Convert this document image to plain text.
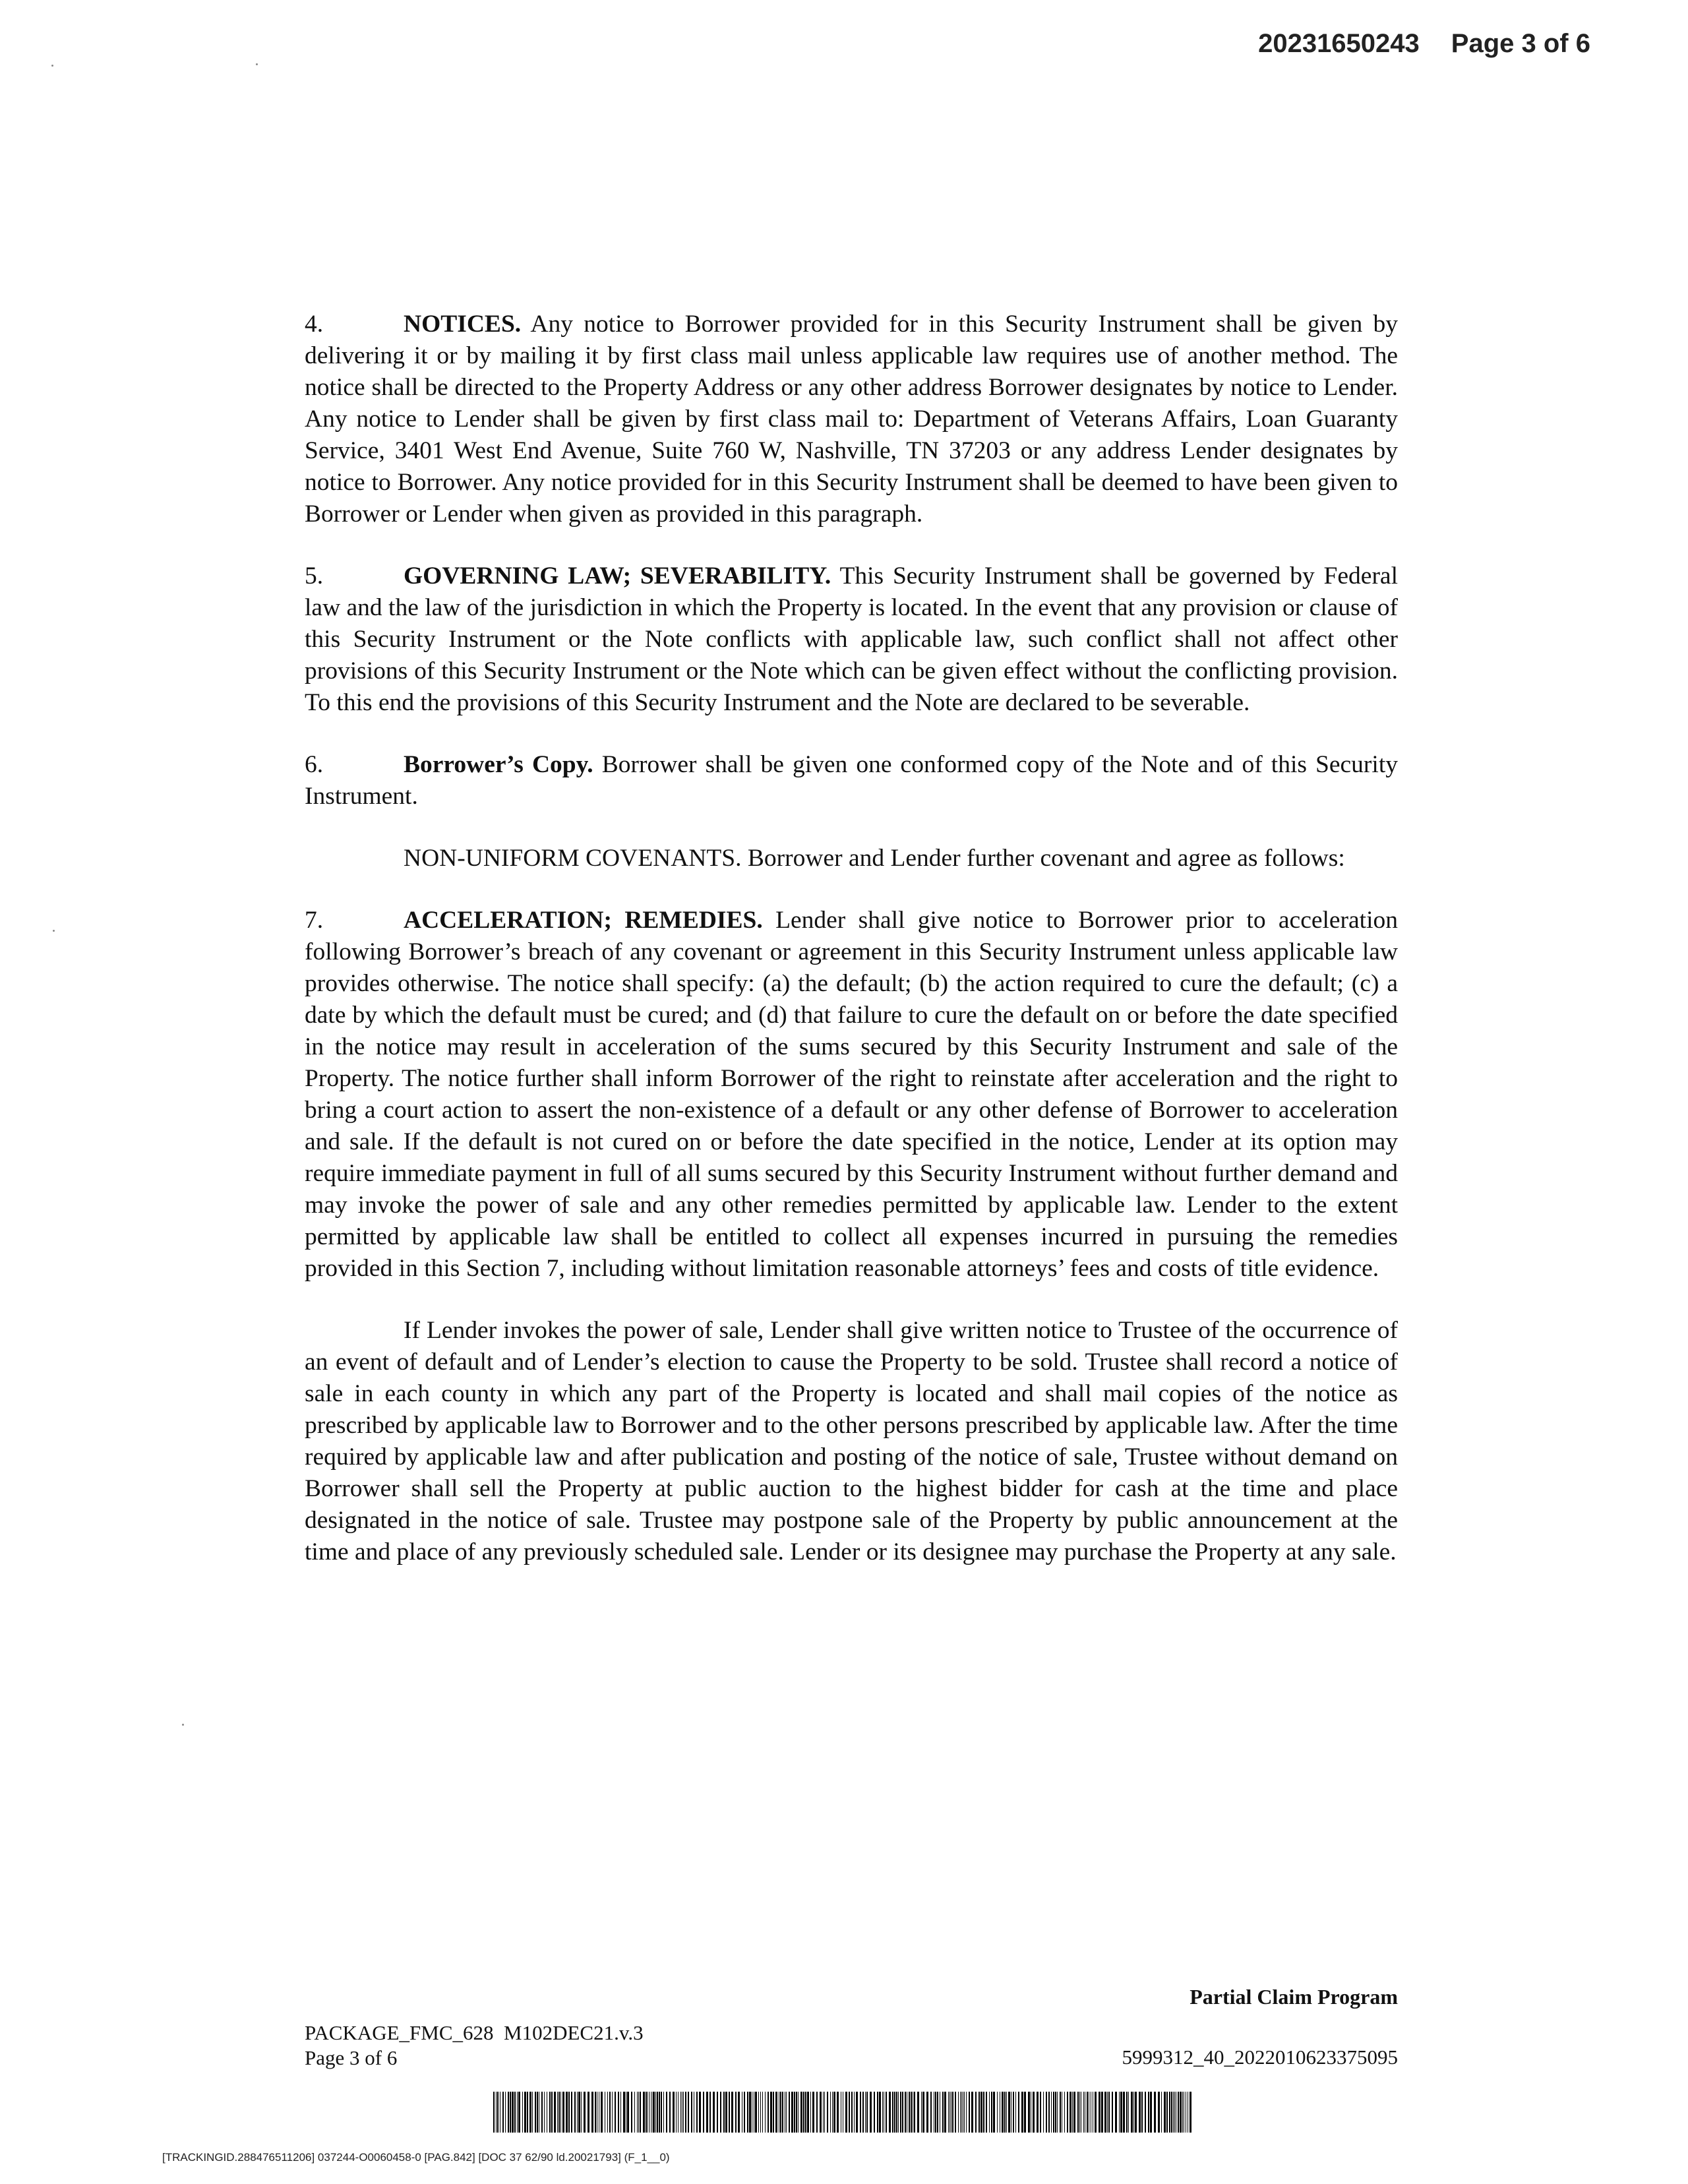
20231650243 Page 3 of 6

4.	NOTICES. Any notice to Borrower provided for in this Security Instrument shall be given by delivering it or by mailing it by first class mail unless applicable law requires use of another method. The notice shall be directed to the Property Address or any other address Borrower designates by notice to Lender. Any notice to Lender shall be given by first class mail to: Department of Veterans Affairs, Loan Guaranty Service, 3401 West End Avenue, Suite 760 W, Nashville, TN 37203 or any address Lender designates by notice to Borrower. Any notice provided for in this Security Instrument shall be deemed to have been given to Borrower or Lender when given as provided in this paragraph.

5.	GOVERNING LAW; SEVERABILITY. This Security Instrument shall be governed by Federal law and the law of the jurisdiction in which the Property is located. In the event that any provision or clause of this Security Instrument or the Note conflicts with applicable law, such conflict shall not affect other provisions of this Security Instrument or the Note which can be given effect without the conflicting provision. To this end the provisions of this Security Instrument and the Note are declared to be severable.

6.	Borrower’s Copy. Borrower shall be given one conformed copy of the Note and of this Security Instrument.

NON-UNIFORM COVENANTS. Borrower and Lender further covenant and agree as follows:

7.	ACCELERATION; REMEDIES. Lender shall give notice to Borrower prior to acceleration following Borrower’s breach of any covenant or agreement in this Security Instrument unless applicable law provides otherwise. The notice shall specify: (a) the default; (b) the action required to cure the default; (c) a date by which the default must be cured; and (d) that failure to cure the default on or before the date specified in the notice may result in acceleration of the sums secured by this Security Instrument and sale of the Property. The notice further shall inform Borrower of the right to reinstate after acceleration and the right to bring a court action to assert the non-existence of a default or any other defense of Borrower to acceleration and sale. If the default is not cured on or before the date specified in the notice, Lender at its option may require immediate payment in full of all sums secured by this Security Instrument without further demand and may invoke the power of sale and any other remedies permitted by applicable law. Lender to the extent permitted by applicable law shall be entitled to collect all expenses incurred in pursuing the remedies provided in this Section 7, including without limitation reasonable attorneys’ fees and costs of title evidence.

If Lender invokes the power of sale, Lender shall give written notice to Trustee of the occurrence of an event of default and of Lender’s election to cause the Property to be sold. Trustee shall record a notice of sale in each county in which any part of the Property is located and shall mail copies of the notice as prescribed by applicable law to Borrower and to the other persons prescribed by applicable law. After the time required by applicable law and after publication and posting of the notice of sale, Trustee without demand on Borrower shall sell the Property at public auction to the highest bidder for cash at the time and place designated in the notice of sale. Trustee may postpone sale of the Property by public announcement at the time and place of any previously scheduled sale. Lender or its designee may purchase the Property at any sale.

Partial Claim Program
PACKAGE_FMC_628  M102DEC21.v.3
Page 3 of 6	5999312_40_2022010623375095
[TRACKINGID.288476511206] 037244-O0060458-0 [PAG.842] [DOC 37 62/90 ld.20021793] (F_1__0)
